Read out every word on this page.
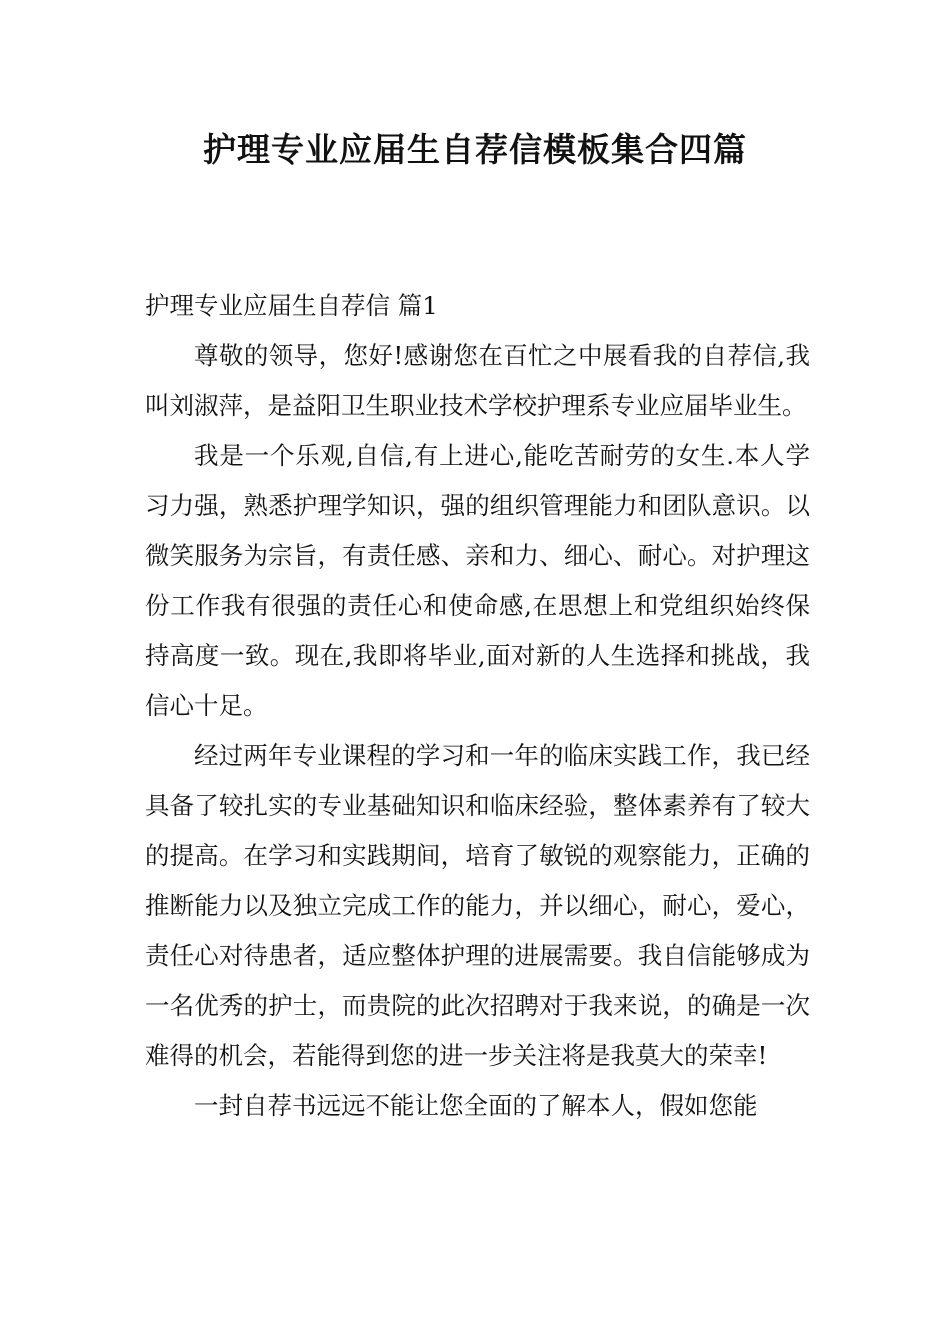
护理专业应届生自荐信模板集合四篇
护理专业应届生自荐信 篇1

尊敬的领导，您好!感谢您在百忙之中展看我的自荐信,我叫刘淑萍，是益阳卫生职业技术学校护理系专业应届毕业生。

我是一个乐观,自信,有上进心,能吃苦耐劳的女生.本人学习力强，熟悉护理学知识，强的组织管理能力和团队意识。以微笑服务为宗旨，有责任感、亲和力、细心、耐心。对护理这份工作我有很强的责任心和使命感,在思想上和党组织始终保持高度一致。现在,我即将毕业,面对新的人生选择和挑战，我信心十足。

经过两年专业课程的学习和一年的临床实践工作，我已经具备了较扎实的专业基础知识和临床经验，整体素养有了较大的提高。在学习和实践期间，培育了敏锐的观察能力，正确的推断能力以及独立完成工作的能力，并以细心，耐心，爱心，责任心对待患者，适应整体护理的进展需要。我自信能够成为一名优秀的护士，而贵院的此次招聘对于我来说，的确是一次难得的机会，若能得到您的进一步关注将是我莫大的荣幸!

一封自荐书远远不能让您全面的了解本人，假如您能
